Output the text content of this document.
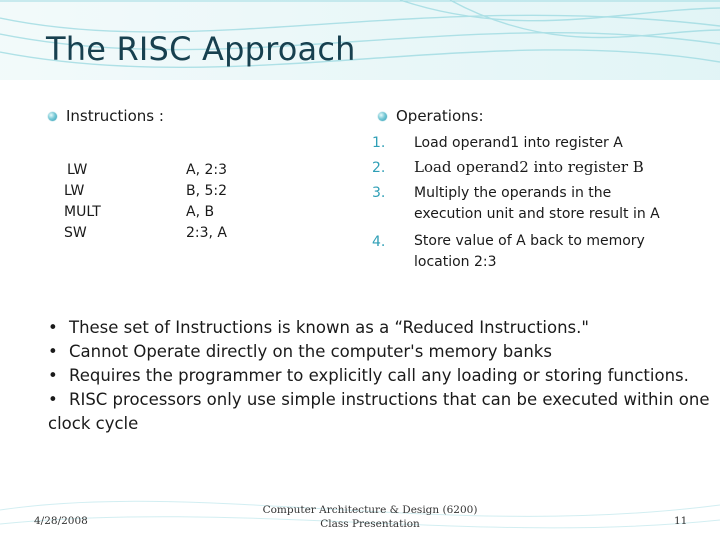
The RISC Approach
Instructions :
LW
LW
MULT
SW
A, 2:3
B, 5:2
A, B
2:3, A
Operations:
1. Load operand1 into register A
2. Load operand2 into register B
3. Multiply the operands in the
execution unit and store result in A
4. Store value of A back to memory
location 2:3
• These set of Instructions is known as a “Reduced Instructions."
• Cannot Operate directly on the computer's memory banks
• Requires the programmer to explicitly call any loading or storing functions.
• RISC processors only use simple instructions that can be executed within one
clock cycle
4/28/2008
Computer Architecture & Design (6200)
Class Presentation	11
